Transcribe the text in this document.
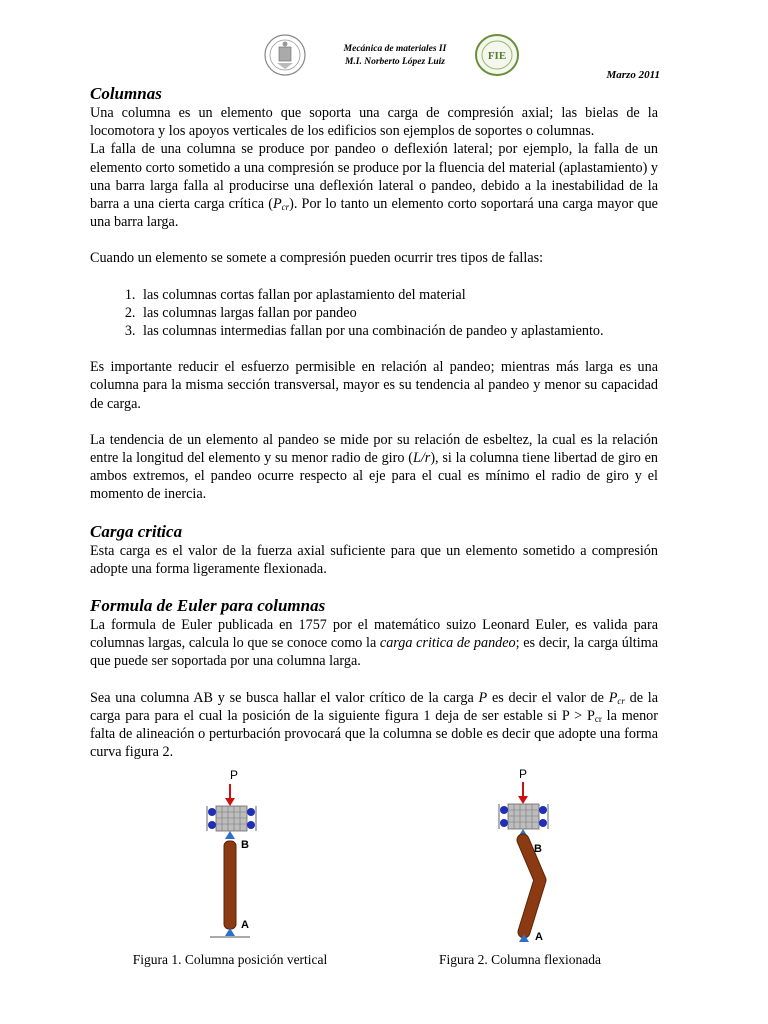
Mecánica de materiales II
M.I. Norberto López Luiz	FIE
Marzo 2011
Columnas

Una columna es un elemento que soporta una carga de compresión axial; las bielas de la locomotora y los apoyos verticales de los edificios son ejemplos de soportes o columnas.

La falla de una columna se produce por pandeo o deflexión lateral; por ejemplo, la falla de un elemento corto sometido a una compresión se produce por la fluencia del material (aplastamiento) y una barra larga falla al producirse una deflexión lateral o pandeo, debido a la inestabilidad de la barra a una cierta carga crítica $(P_{cr})$. Por lo tanto un elemento corto soportará una carga mayor que una barra larga.

Cuando un elemento se somete a compresión pueden ocurrir tres tipos de fallas:

1. las columnas cortas fallan por aplastamiento del material
2. las columnas largas fallan por pandeo
3. las columnas intermedias fallan por una combinación de pandeo y aplastamiento.

Es importante reducir el esfuerzo permisible en relación al pandeo; mientras más larga es una columna para la misma sección transversal, mayor es su tendencia al pandeo y menor su capacidad de carga.

La tendencia de un elemento al pandeo se mide por su relación de esbeltez, la cual es la relación entre la longitud del elemento y su menor radio de giro (L/r), si la columna tiene libertad de giro en ambos extremos, el pandeo ocurre respecto al eje para el cual es mínimo el radio de giro y el momento de inercia.

Carga critica

Esta carga es el valor de la fuerza axial suficiente para que un elemento sometido a compresión adopte una forma ligeramente flexionada.

Formula de Euler para columnas

La formula de Euler publicada en 1757 por el matemático suizo Leonard Euler, es valida para columnas largas, calcula lo que se conoce como la carga critica de pandeo; es decir, la carga última que puede ser soportada por una columna larga.

Sea una columna AB y se busca hallar el valor crítico de la carga P es decir el valor de $P_{cr}$ de la carga para para el cual la posición de la siguiente figura 1 deja de ser estable si $P > P_{cr}$ la menor falta de alineación o perturbación provocará que la columna se doble es decir que adopte una forma curva figura 2.

P
B
A
P
B
A
Figura 1. Columna posición vertical	Figura 2. Columna flexionada
